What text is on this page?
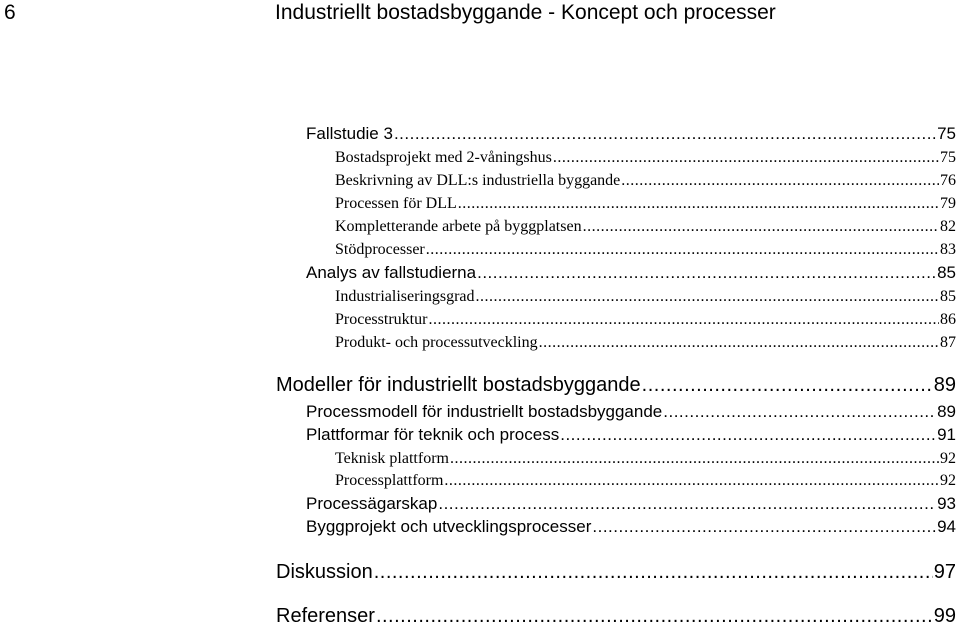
6	Industriellt bostadsbyggande - Koncept och processer
Fallstudie 3 .....	75
Bostadsprojekt med 2-våningshus .....	75
Beskrivning av DLL:s industriella byggande .....	76
Processen för DLL .....	79
Kompletterande arbete på byggplatsen .....	82
Stödprocesser .....	83
Analys av fallstudierna .....	85
Industrialiseringsgrad .....	85
Processtruktur .....	86
Produkt- och processutveckling .....	87
Modeller för industriellt bostadsbyggande .....	89
Processmodell för industriellt bostadsbyggande .....	89
Plattformar för teknik och process .....	91
Teknisk plattform .....	92
Processplattform .....	92
Processägarskap .....	93
Byggprojekt och utvecklingsprocesser .....	94
Diskussion .....	97
Referenser .....	99
